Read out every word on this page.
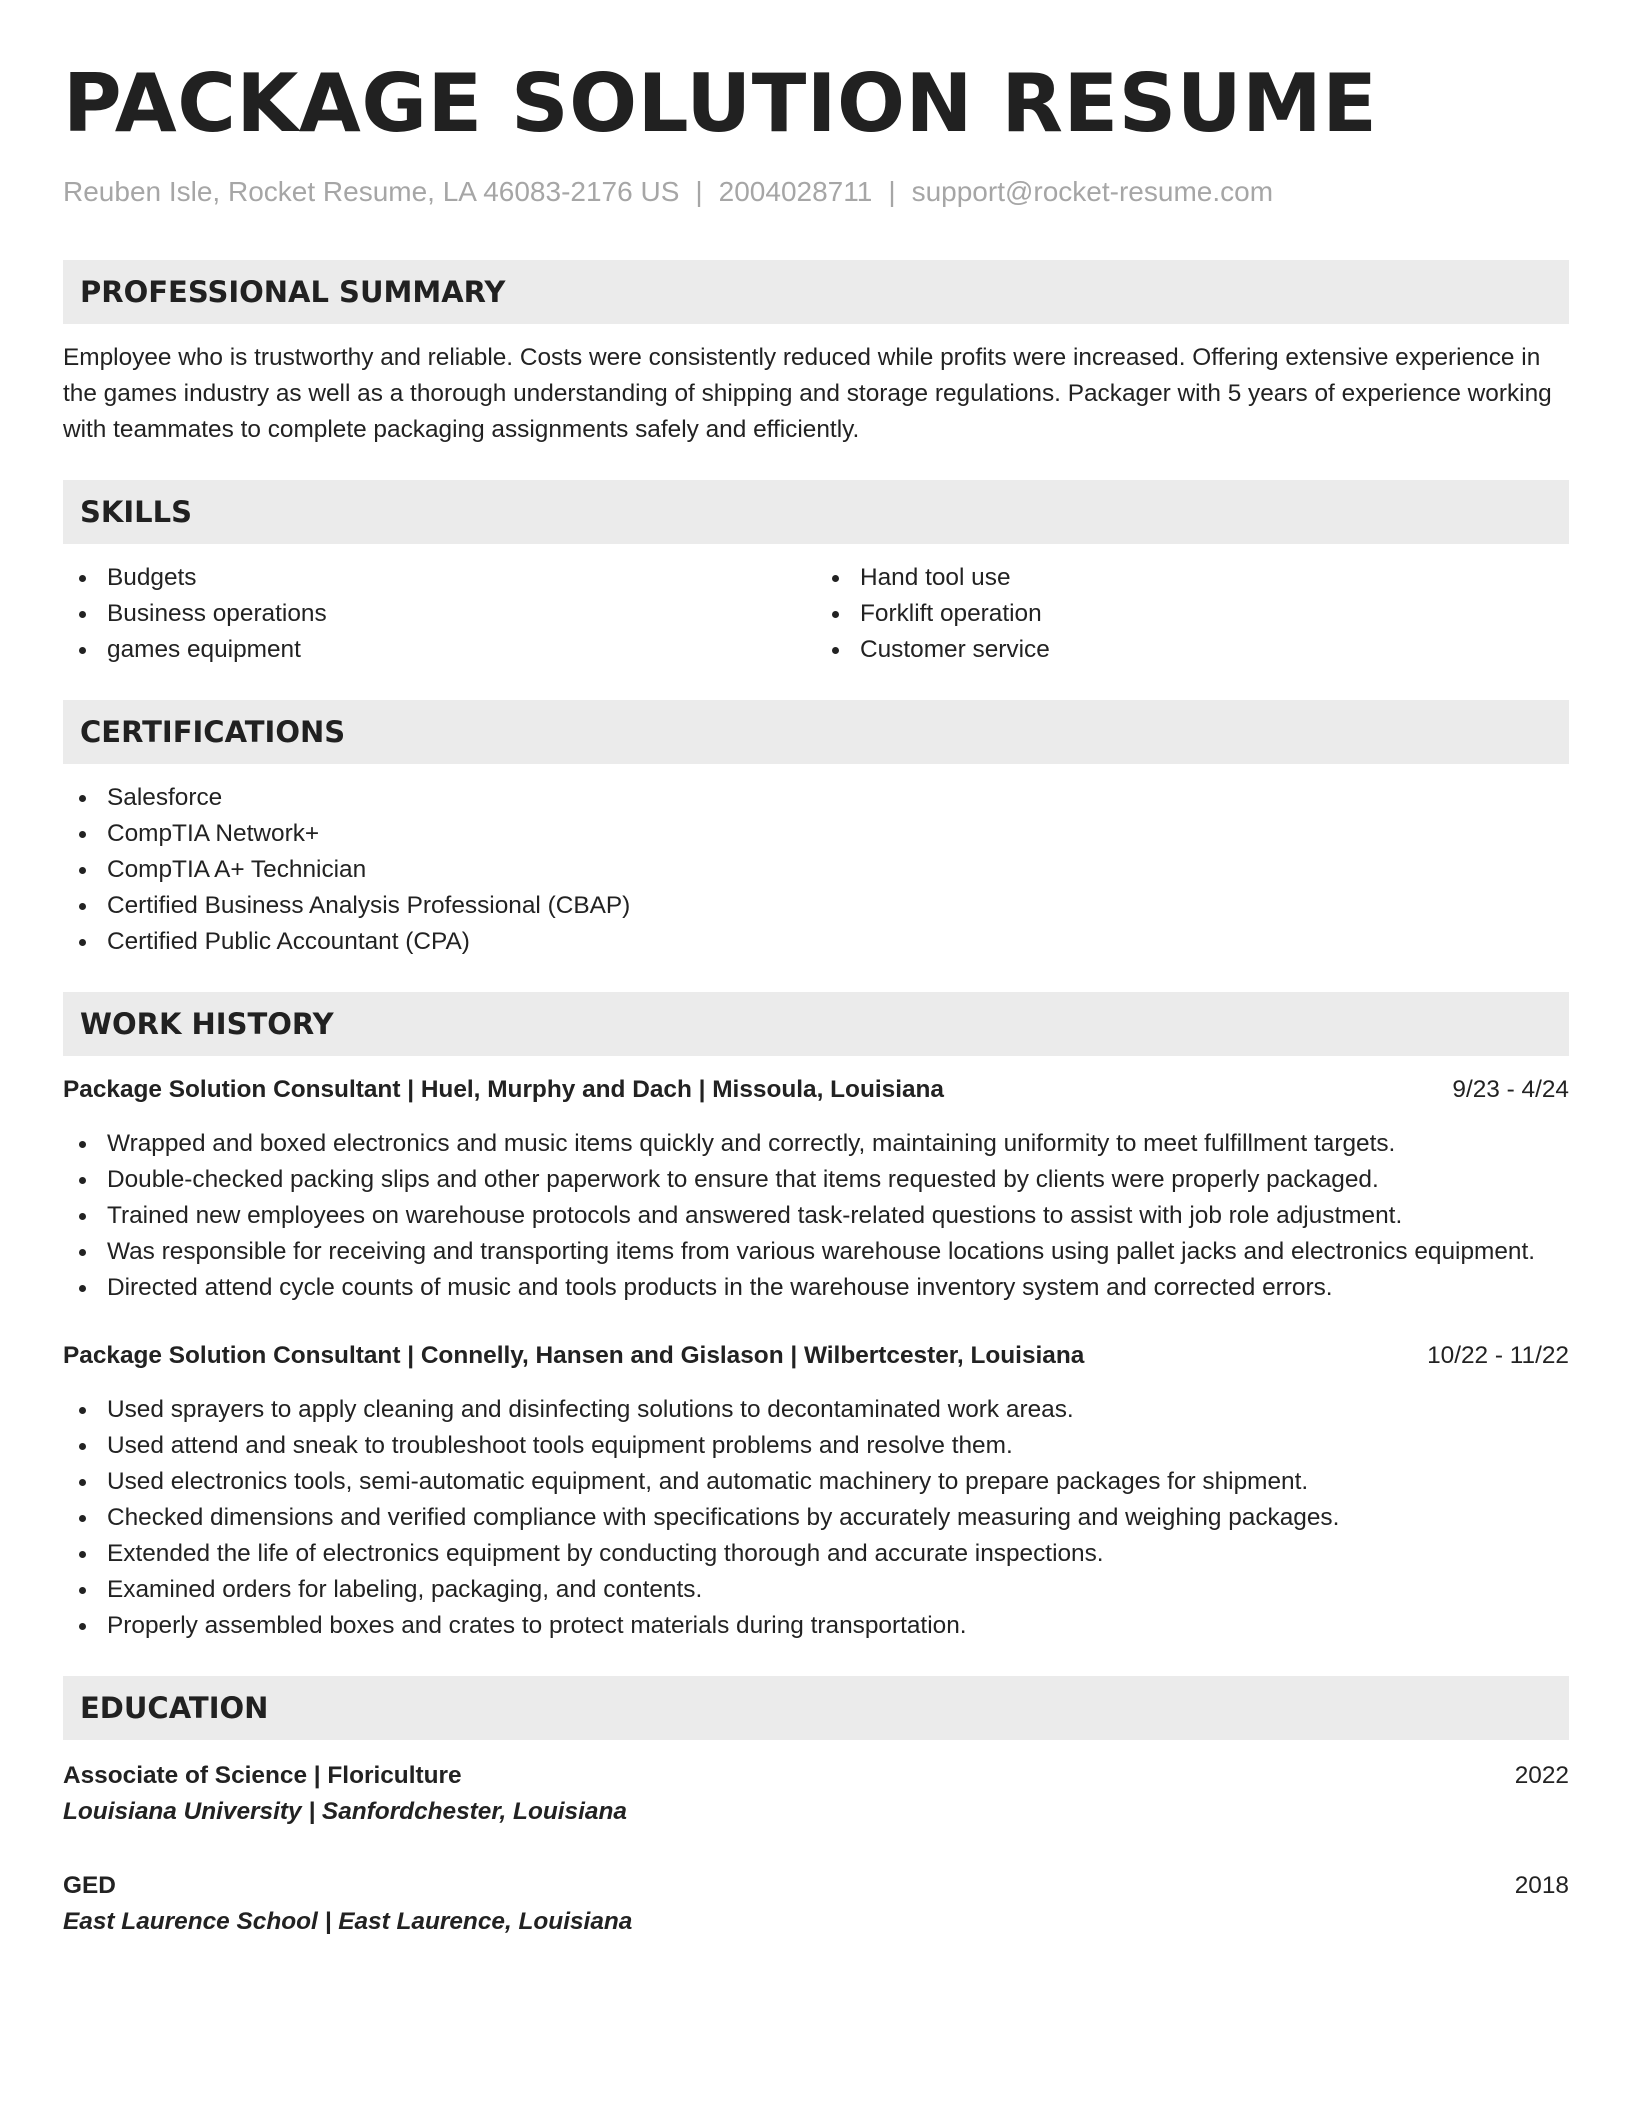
PACKAGE SOLUTION RESUME
Reuben Isle, Rocket Resume, LA 46083-2176 US | 2004028711 | support@rocket-resume.com
PROFESSIONAL SUMMARY

Employee who is trustworthy and reliable. Costs were consistently reduced while profits were increased. Offering extensive experience in the games industry as well as a thorough understanding of shipping and storage regulations. Packager with 5 years of experience working with teammates to complete packaging assignments safely and efficiently.

SKILLS
Budgets
Business operations
games equipment
Hand tool use
Forklift operation
Customer service
CERTIFICATIONS
Salesforce
CompTIA Network+
CompTIA A+ Technician
Certified Business Analysis Professional (CBAP)
Certified Public Accountant (CPA)
WORK HISTORY
Package Solution Consultant | Huel, Murphy and Dach | Missoula, Louisiana	9/23 - 4/24
Wrapped and boxed electronics and music items quickly and correctly, maintaining uniformity to meet fulfillment targets.
Double-checked packing slips and other paperwork to ensure that items requested by clients were properly packaged.
Trained new employees on warehouse protocols and answered task-related questions to assist with job role adjustment.
Was responsible for receiving and transporting items from various warehouse locations using pallet jacks and electronics equipment.
Directed attend cycle counts of music and tools products in the warehouse inventory system and corrected errors.
Package Solution Consultant | Connelly, Hansen and Gislason | Wilbertcester, Louisiana	10/22 - 11/22
Used sprayers to apply cleaning and disinfecting solutions to decontaminated work areas.
Used attend and sneak to troubleshoot tools equipment problems and resolve them.
Used electronics tools, semi-automatic equipment, and automatic machinery to prepare packages for shipment.
Checked dimensions and verified compliance with specifications by accurately measuring and weighing packages.
Extended the life of electronics equipment by conducting thorough and accurate inspections.
Examined orders for labeling, packaging, and contents.
Properly assembled boxes and crates to protect materials during transportation.
EDUCATION
Associate of Science | Floriculture	2022
Louisiana University | Sanfordchester, Louisiana
GED	2018
East Laurence School | East Laurence, Louisiana
